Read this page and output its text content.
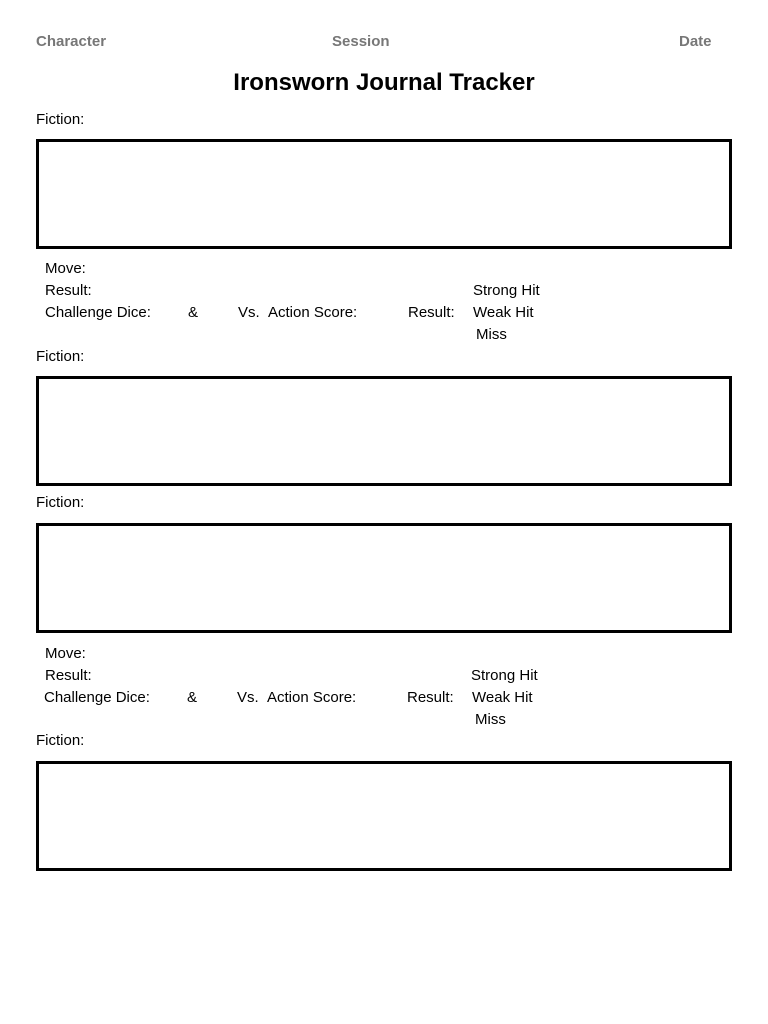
Character	Session	Date
Ironsworn Journal Tracker
Fiction:
Move:
Result:	Strong Hit
Challenge Dice: &	Vs. Action Score:	Result: Weak Hit
Miss
Fiction:
Fiction:
Move:
Result:	Strong Hit
Challenge Dice: &	Vs. Action Score:	Result: Weak Hit
Miss
Fiction:
